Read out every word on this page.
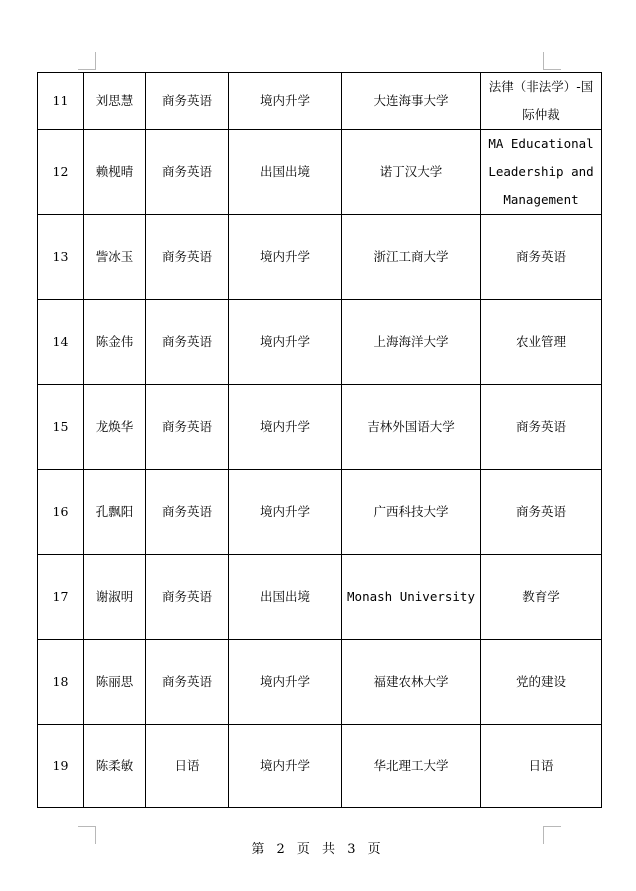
11	刘思慧	商务英语	境内升学	大连海事大学	法律（非法学）-国际仲裁
12	赖枧晴	商务英语	出国出境	诺丁汉大学	MA Educational Leadership and Management
13	訾冰玉	商务英语	境内升学	浙江工商大学	商务英语
14	陈金伟	商务英语	境内升学	上海海洋大学	农业管理
15	龙焕华	商务英语	境内升学	吉林外国语大学	商务英语
16	孔飘阳	商务英语	境内升学	广西科技大学	商务英语
17	谢淑明	商务英语	出国出境	Monash University	教育学
18	陈丽思	商务英语	境内升学	福建农林大学	党的建设
19	陈柔敏	日语	境内升学	华北理工大学	日语
第 2 页 共 3 页
